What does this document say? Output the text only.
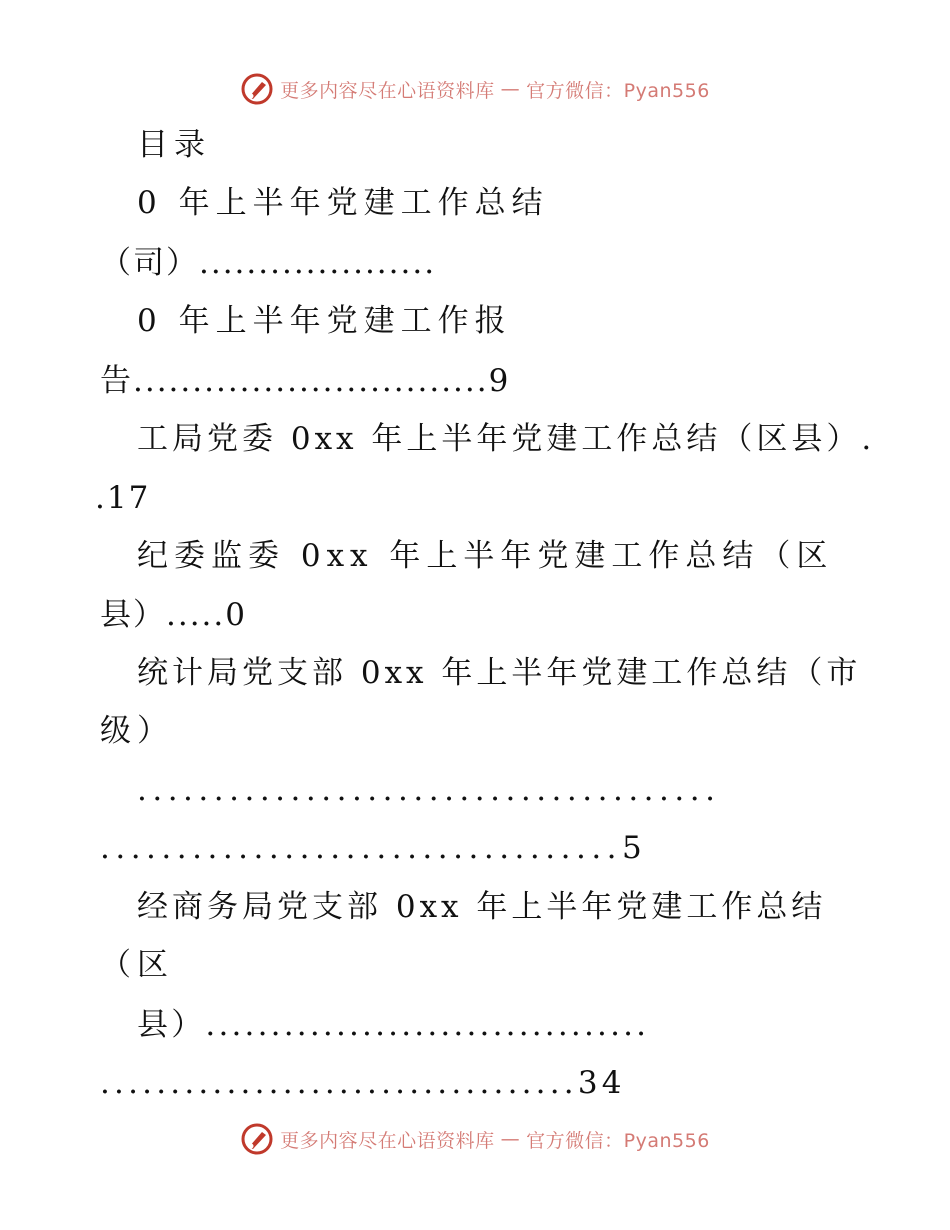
更多内容尽在心语资料库 — 官方微信：Pyan556
目录
0 年上半年党建工作总结
（司）....................
0 年上半年党建工作报
告..............................9
工局党委 0xx 年上半年党建工作总结（区县）.
.17
纪委监委 0xx 年上半年党建工作总结（区
县）.....0
统计局党支部 0xx 年上半年党建工作总结（市
级）
......................................
..................................5
经商务局党支部 0xx 年上半年党建工作总结
（区
县）..................................
..................................34
更多内容尽在心语资料库 — 官方微信：Pyan556
